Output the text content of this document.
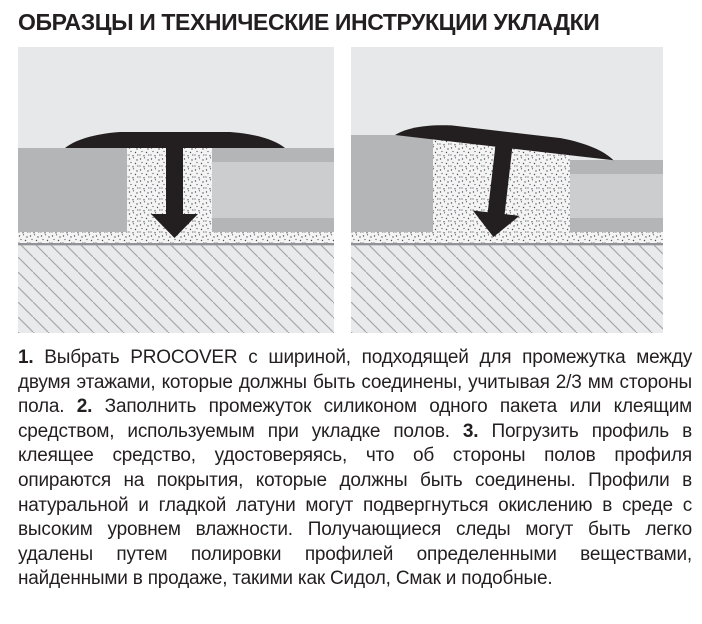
ОБРАЗЦЫ И ТЕХНИЧЕСКИЕ ИНСТРУКЦИИ УКЛАДКИ

1. Выбрать PROCOVER с шириной, подходящей для промежутка между двумя этажами, которые должны быть соединены, учитывая 2/3 мм стороны пола. 2. Заполнить промежуток силиконом одного пакета или клеящим средством, используемым при укладке полов. 3. Погрузить профиль в клеящее средство, удостоверяясь, что об стороны полов профиля опираются на покрытия, которые должны быть соединены. Профили в натуральной и гладкой латуни могут подвергнуться окислению в среде с высоким уровнем влажности. Получающиеся следы могут быть легко удалены путем полировки профилей определенными веществами, найденными в продаже, такими как Сидол, Смак и подобные.
